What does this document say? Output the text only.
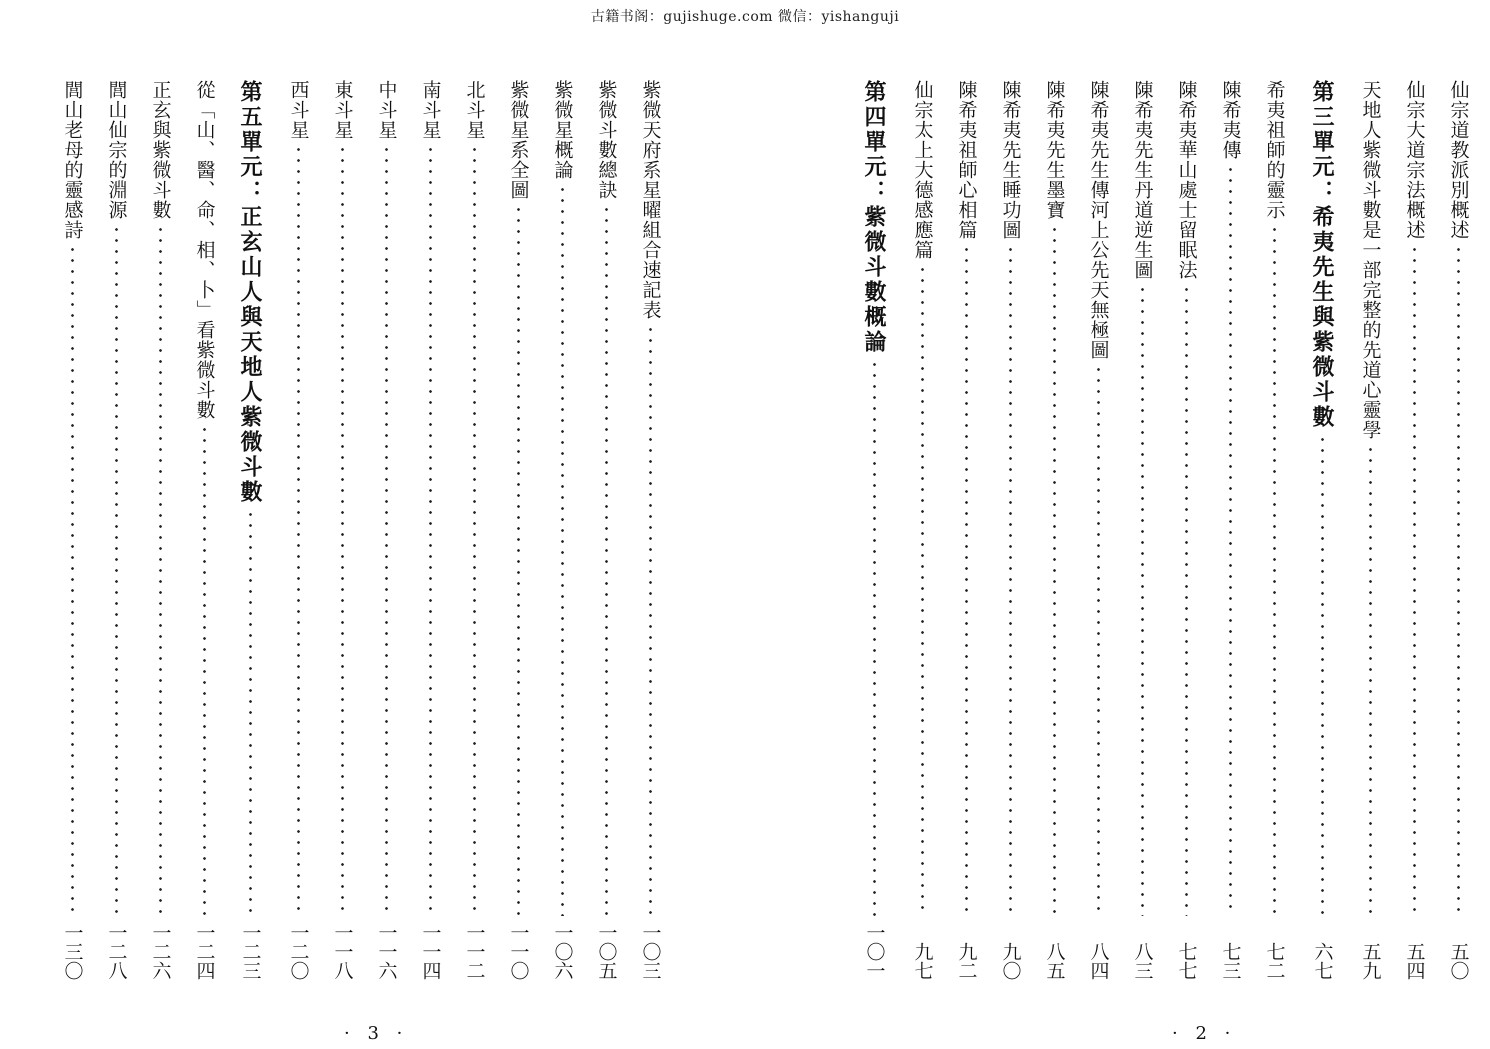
古籍书阁：gujishuge.com 微信：yishanguji
仙宗道教派別概述
五〇
仙宗大道宗法概述
五四
天地人紫微斗數是一部完整的先道心靈學
五九
第三單元：希夷先生與紫微斗數
六七
希夷祖師的靈示
七二
陳希夷傳
七三
陳希夷華山處士留眠法
七七
陳希夷先生丹道逆生圖
八三
陳希夷先生傳河上公先天無極圖
八四
陳希夷先生墨寶
八五
陳希夷先生睡功圖
九〇
陳希夷祖師心相篇
九二
仙宗太上大德感應篇
九七
第四單元：紫微斗數概論
一〇一
紫微天府系星曜組合速記表
一〇三
紫微斗數總訣
一〇五
紫微星概論
一〇六
紫微星系全圖
一一〇
北斗星
一一二
南斗星
一一四
中斗星
一一六
東斗星
一一八
西斗星
一二〇
第五單元：正玄山人與天地人紫微斗數
一二三
從「山、醫、命、相、卜」看紫微斗數
一二四
正玄與紫微斗數
一二六
閭山仙宗的淵源
一二八
閭山老母的靈感詩
一三〇
· 3 ·	· 2 ·
